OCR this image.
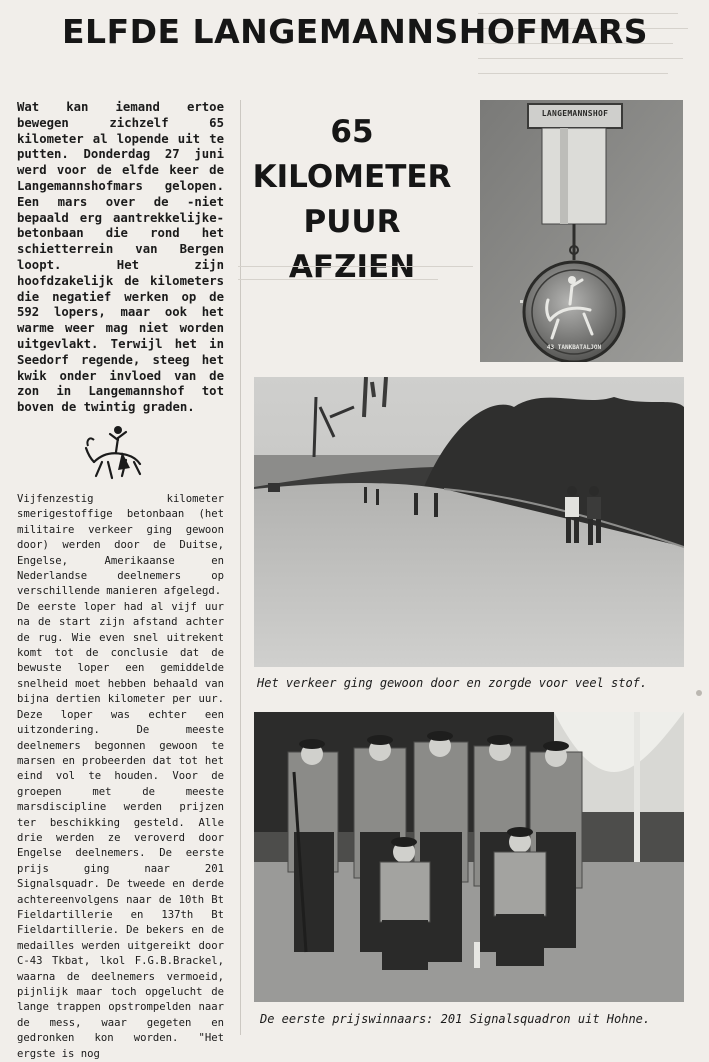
ELFDE LANGEMANNSHOFMARS

Wat kan iemand ertoe bewegen zichzelf 65 kilometer al lopende uit te putten. Donderdag 27 juni werd voor de elfde keer de Langemannshofmars gelopen. Een mars over de -niet bepaald erg aantrekkelijke-betonbaan die rond het schietterrein van Bergen loopt. Het zijn hoofdzakelijk de kilometers die negatief werken op de 592 lopers, maar ook het warme weer mag niet worden uitgevlakt. Terwijl het in Seedorf regende, steeg het kwik onder invloed van de zon in Langemannshof tot boven de twintig graden.

Vijfenzestig kilometer smerigestoffige betonbaan (het militaire verkeer ging gewoon door) werden door de Duitse, Engelse, Amerikaanse en Nederlandse deelnemers op verschillende manieren afgelegd.

De eerste loper had al vijf uur na de start zijn afstand achter de rug. Wie even snel uitrekent komt tot de conclusie dat de bewuste loper een gemiddelde snelheid moet hebben behaald van bijna dertien kilometer per uur. Deze loper was echter een uitzondering. De meeste deelnemers begonnen gewoon te marsen en probeerden dat tot het eind vol te houden. Voor de groepen met de meeste marsdiscipline werden prijzen ter beschikking gesteld. Alle drie werden ze veroverd door Engelse deelnemers. De eerste prijs ging naar 201 Signalsquadr. De tweede en derde achtereenvolgens naar de 10th Bt Fieldartillerie en 137th Bt Fieldartillerie. De bekers en de medailles werden uitgereikt door C-43 Tkbat, lkol F.G.B.Brackel, waarna de deelnemers vermoeid, pijnlijk maar toch opgelucht de lange trappen opstrompelden naar de mess, waar gegeten en gedronken kon worden. "Het ergste is nog

65
KILOMETER
PUUR
AFZIEN
LANGEMANNSHOF
43 TANKBATALJON
Het verkeer ging gewoon door en zorgde voor veel stof.
De eerste prijswinnaars: 201 Signalsquadron uit Hohne.
